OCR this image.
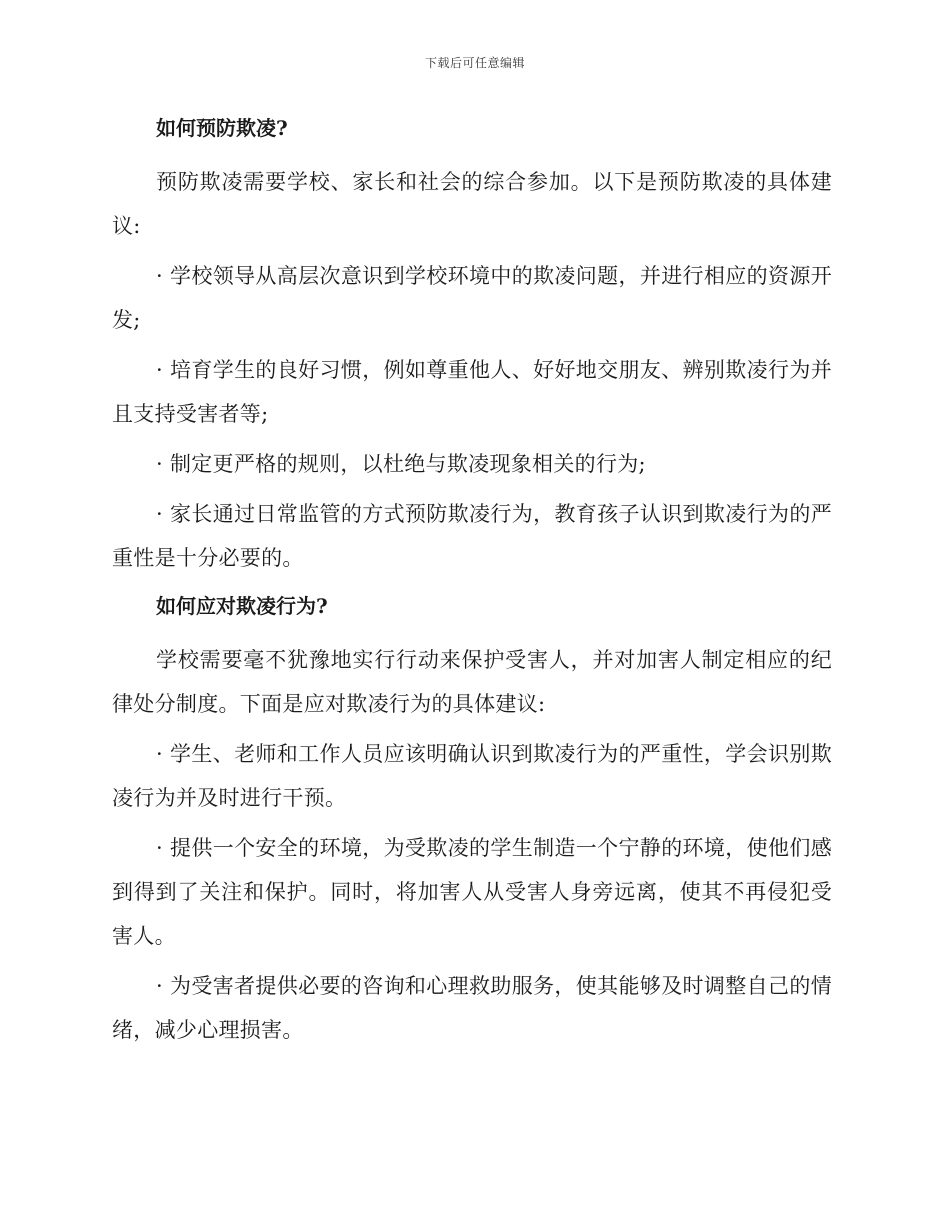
下载后可任意编辑

如何预防欺凌?

预防欺凌需要学校、家长和社会的综合参加。以下是预防欺凌的具体建议:

· 学校领导从高层次意识到学校环境中的欺凌问题，并进行相应的资源开发;

· 培育学生的良好习惯，例如尊重他人、好好地交朋友、辨别欺凌行为并且支持受害者等;

· 制定更严格的规则，以杜绝与欺凌现象相关的行为;

· 家长通过日常监管的方式预防欺凌行为，教育孩子认识到欺凌行为的严重性是十分必要的。

如何应对欺凌行为?

学校需要毫不犹豫地实行行动来保护受害人，并对加害人制定相应的纪律处分制度。下面是应对欺凌行为的具体建议:

· 学生、老师和工作人员应该明确认识到欺凌行为的严重性，学会识别欺凌行为并及时进行干预。

· 提供一个安全的环境，为受欺凌的学生制造一个宁静的环境，使他们感到得到了关注和保护。同时，将加害人从受害人身旁远离，使其不再侵犯受害人。

· 为受害者提供必要的咨询和心理救助服务，使其能够及时调整自己的情绪，减少心理损害。
